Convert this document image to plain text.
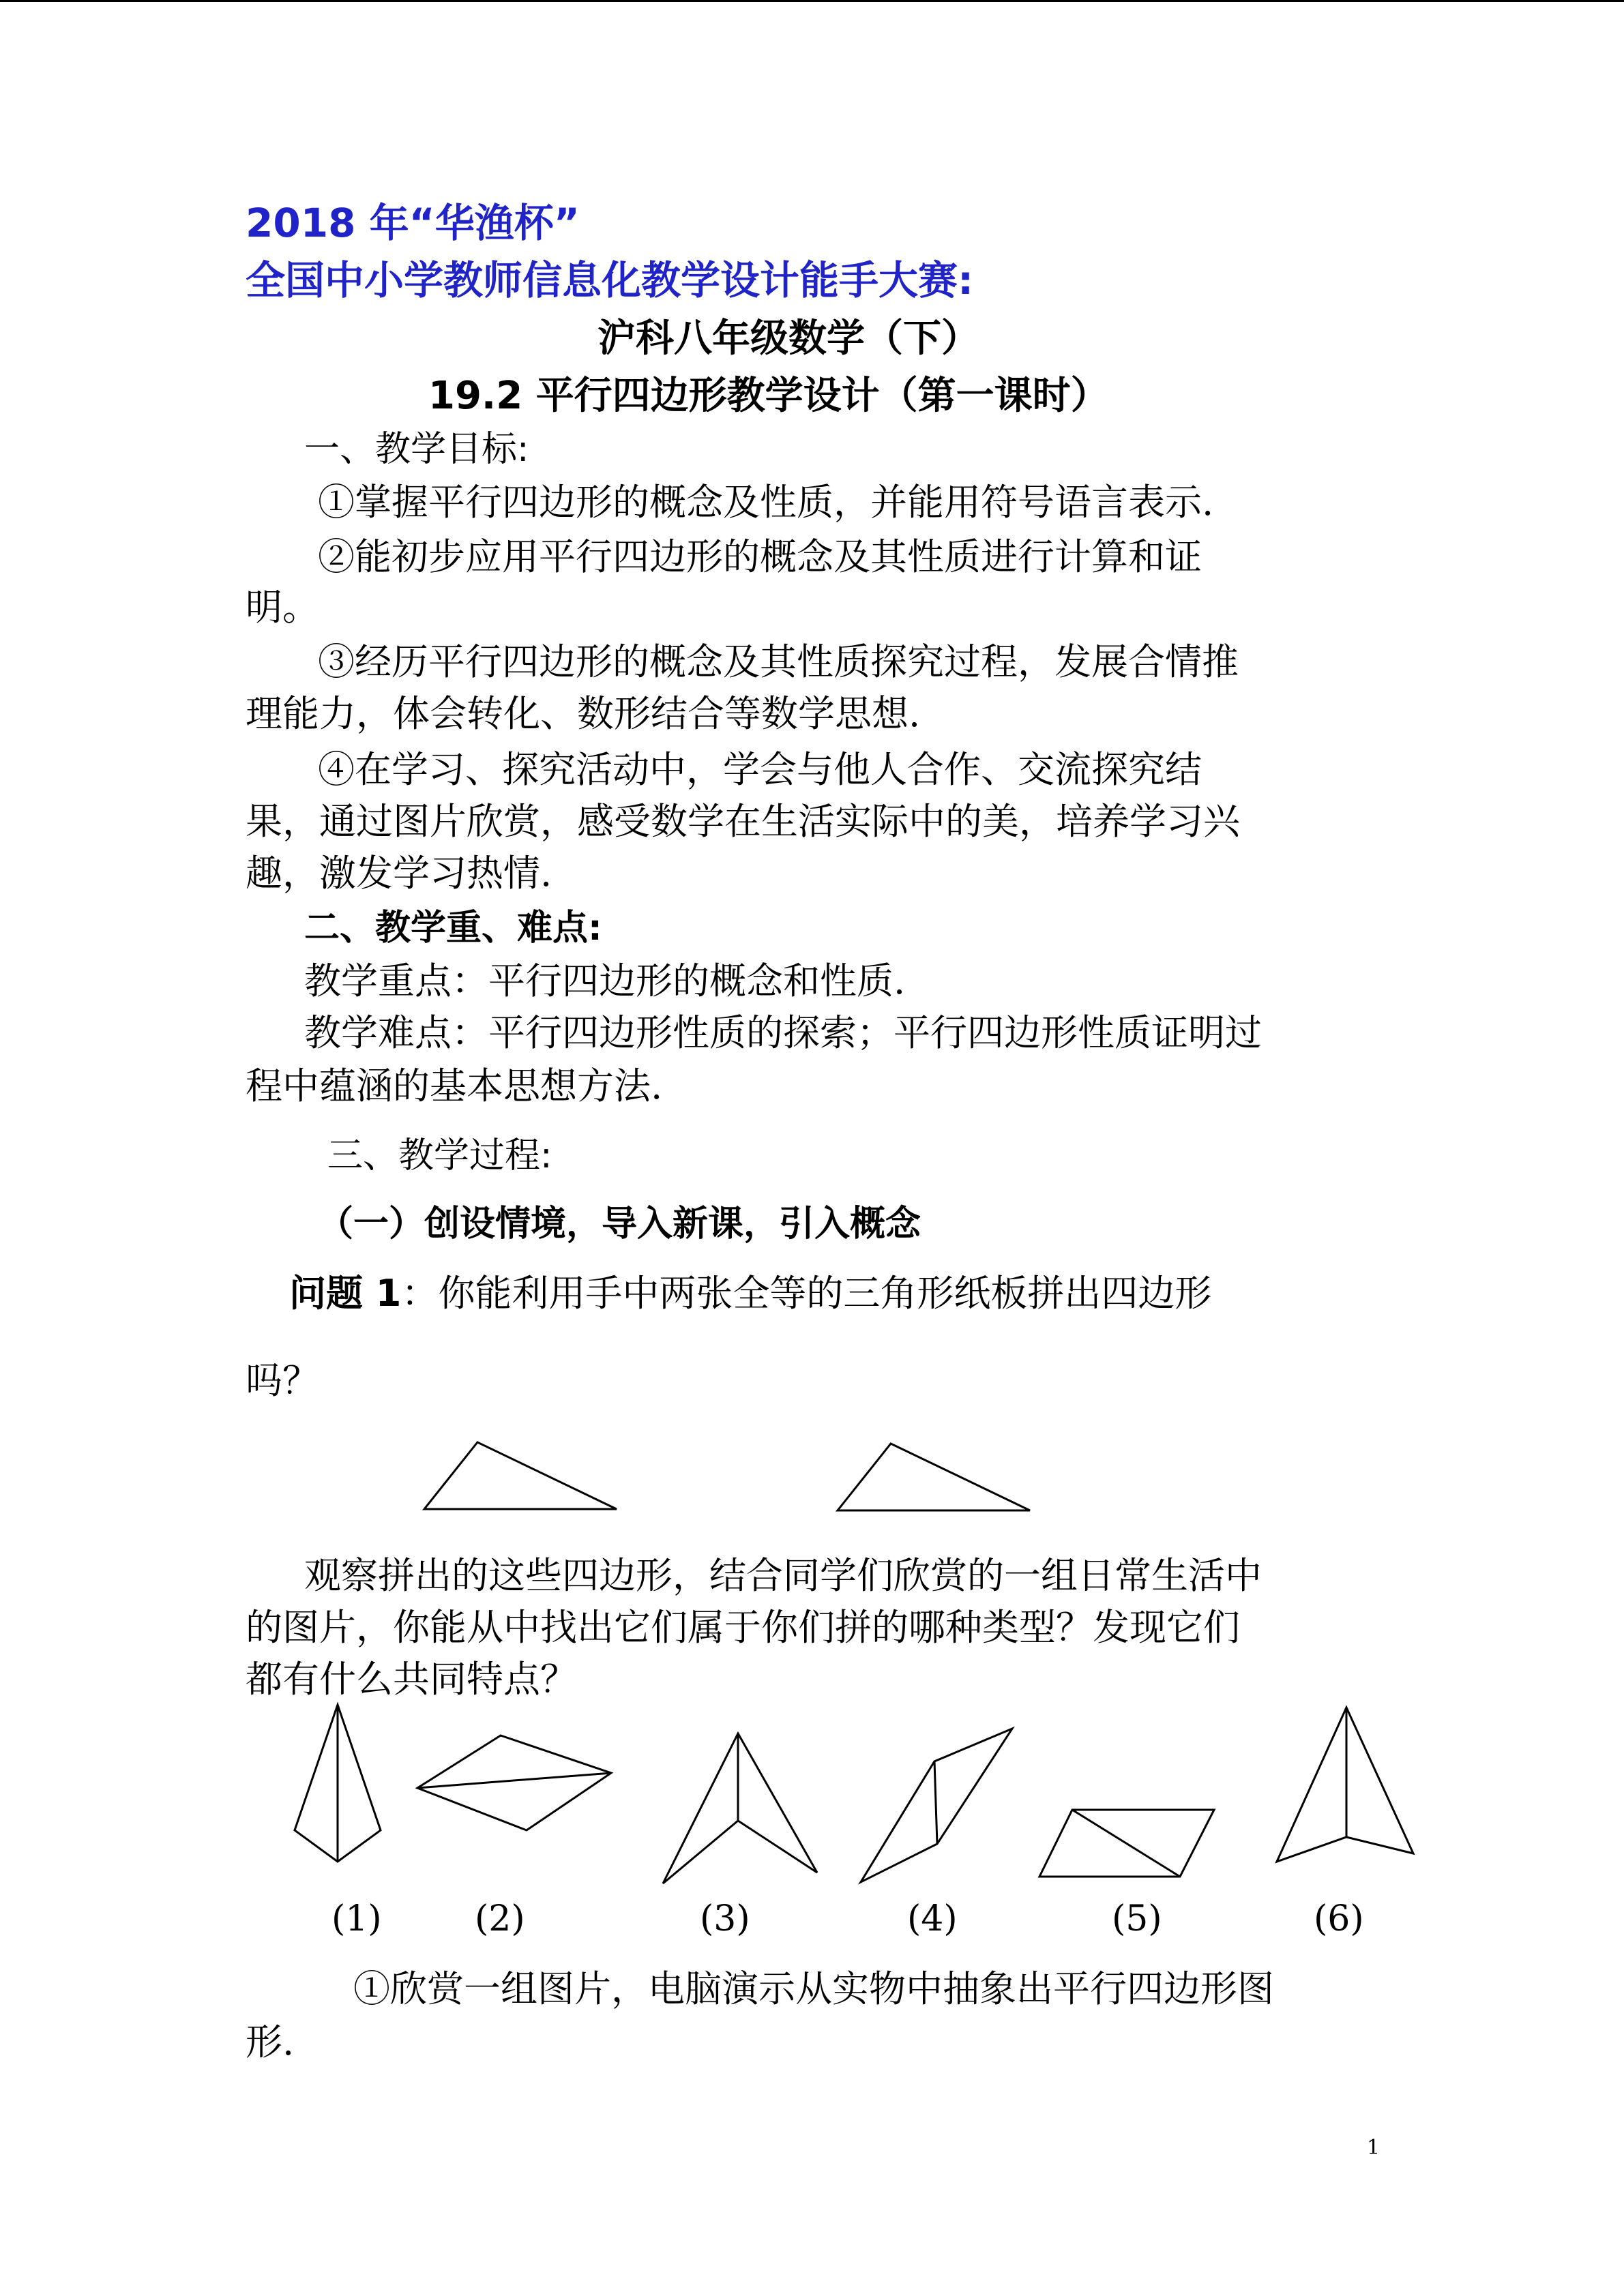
2018 年“华渔杯”
全国中小学教师信息化教学设计能手大赛:
沪科八年级数学（下）
19.2 平行四边形教学设计（第一课时）
一、教学目标:
①掌握平行四边形的概念及性质，并能用符号语言表示.
②能初步应用平行四边形的概念及其性质进行计算和证
明。
③经历平行四边形的概念及其性质探究过程，发展合情推
理能力，体会转化、数形结合等数学思想.
④在学习、探究活动中，学会与他人合作、交流探究结
果，通过图片欣赏，感受数学在生活实际中的美，培养学习兴
趣，激发学习热情.
二、教学重、难点:
教学重点：平行四边形的概念和性质.
教学难点：平行四边形性质的探索；平行四边形性质证明过
程中蕴涵的基本思想方法.
三、教学过程:
（一）创设情境，导入新课，引入概念
问题 1：你能利用手中两张全等的三角形纸板拼出四边形
吗？
观察拼出的这些四边形，结合同学们欣赏的一组日常生活中
的图片，你能从中找出它们属于你们拼的哪种类型？发现它们
都有什么共同特点？
(1)	(2)	(3)	(4)	(5)	(6)
①欣赏一组图片，电脑演示从实物中抽象出平行四边形图
形.
1
